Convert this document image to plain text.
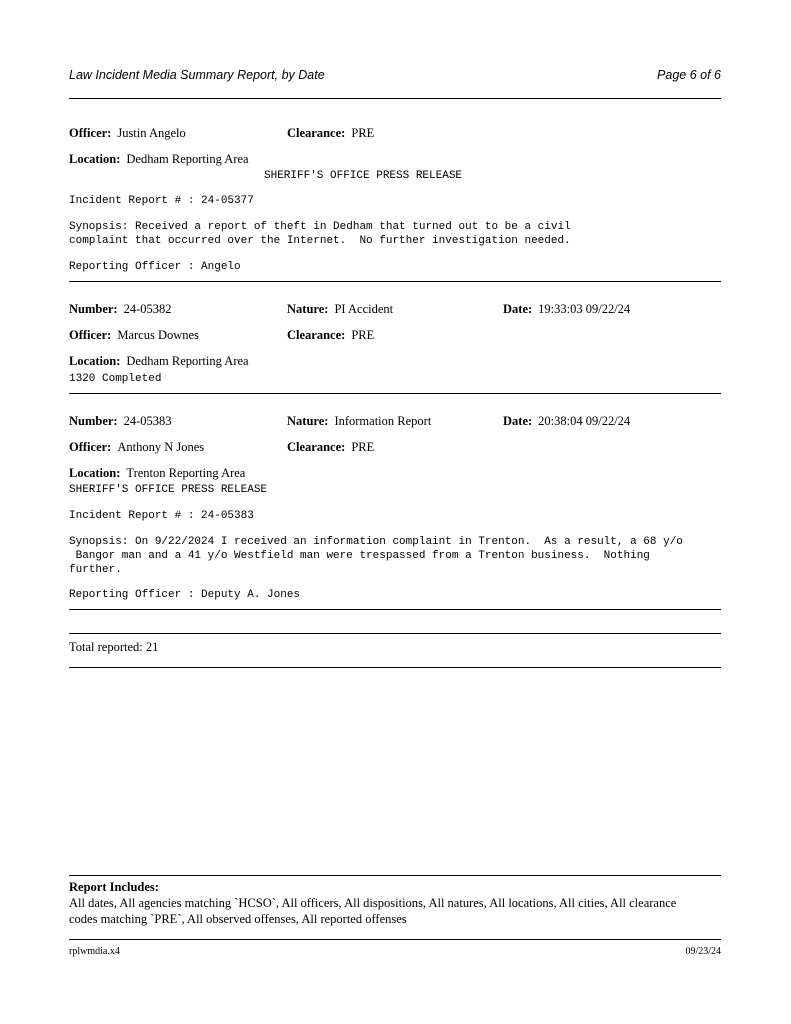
Law Incident Media Summary Report, by Date	Page 6 of 6
Officer: Justin Angelo	Clearance: PRE
Location: Dedham Reporting Area
SHERIFF'S OFFICE PRESS RELEASE
Incident Report # : 24-05377
Synopsis: Received a report of theft in Dedham that turned out to be a civil
complaint that occurred over the Internet.  No further investigation needed.
Reporting Officer : Angelo
Number: 24-05382	Nature: PI Accident	Date: 19:33:03 09/22/24
Officer: Marcus Downes	Clearance: PRE
Location: Dedham Reporting Area
1320 Completed
Number: 24-05383	Nature: Information Report	Date: 20:38:04 09/22/24
Officer: Anthony N Jones	Clearance: PRE
Location: Trenton Reporting Area
SHERIFF'S OFFICE PRESS RELEASE
Incident Report # : 24-05383
Synopsis: On 9/22/2024 I received an information complaint in Trenton.  As a result, a 68 y/o
Bangor man and a 41 y/o Westfield man were trespassed from a Trenton business.  Nothing
further.
Reporting Officer : Deputy A. Jones
Total reported: 21
Report Includes:
All dates, All agencies matching `HCSO`, All officers, All dispositions, All natures, All locations, All cities, All clearance
codes matching `PRE`, All observed offenses, All reported offenses
rplwmdia.x4	09/23/24
